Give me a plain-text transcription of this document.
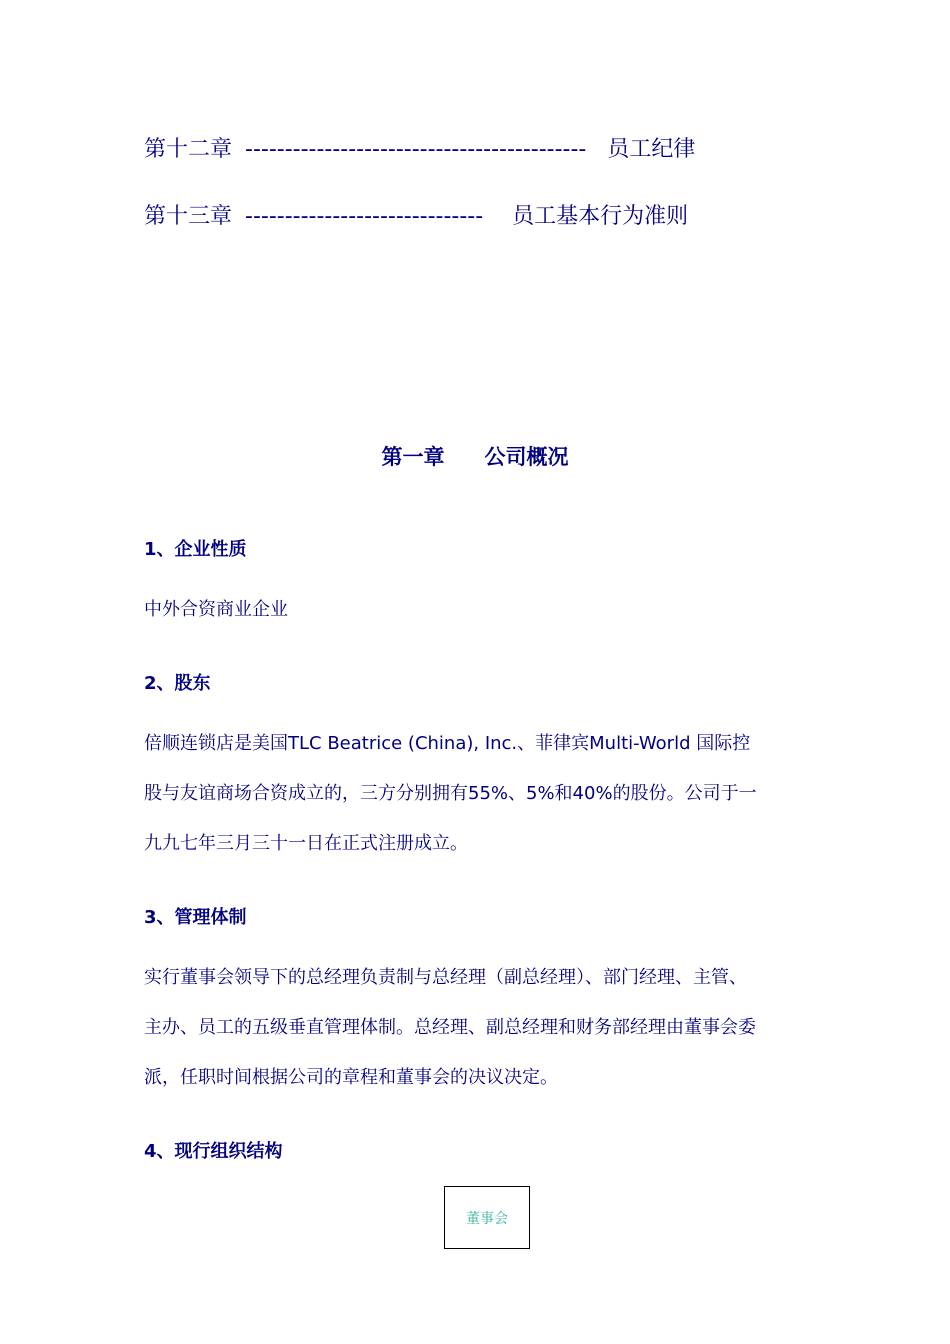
第十二章 ------------------------------------------- 员工纪律
第十三章 ------------------------------ 员工基本行为准则
第一章 公司概况
1、企业性质
中外合资商业企业
2、股东
倍顺连锁店是美国TLC Beatrice (China), Inc.、菲律宾Multi-World 国际控
股与友谊商场合资成立的，三方分别拥有55%、5%和40%的股份。公司于一
九九七年三月三十一日在正式注册成立。
3、管理体制
实行董事会领导下的总经理负责制与总经理（副总经理）、部门经理、主管、
主办、员工的五级垂直管理体制。总经理、副总经理和财务部经理由董事会委
派，任职时间根据公司的章程和董事会的决议决定。
4、现行组织结构
董事会
